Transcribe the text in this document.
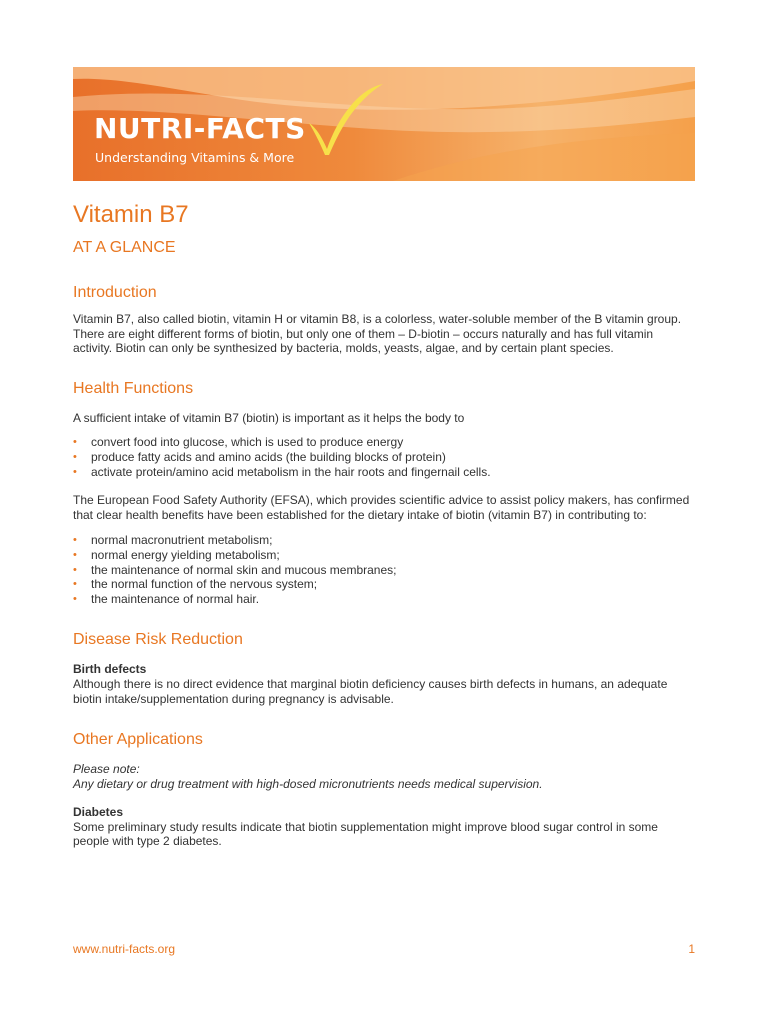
NUTRI-FACTS
Understanding Vitamins & More
Vitamin B7
AT A GLANCE
Introduction

Vitamin B7, also called biotin, vitamin H or vitamin B8, is a colorless, water-soluble member of the B vitamin group. There are eight different forms of biotin, but only one of them – D-biotin – occurs naturally and has full vitamin activity. Biotin can only be synthesized by bacteria, molds, yeasts, algae, and by certain plant species.

Health Functions

A sufficient intake of vitamin B7 (biotin) is important as it helps the body to

• convert food into glucose, which is used to produce energy
• produce fatty acids and amino acids (the building blocks of protein)
• activate protein/amino acid metabolism in the hair roots and fingernail cells.

The European Food Safety Authority (EFSA), which provides scientific advice to assist policy makers, has confirmed that clear health benefits have been established for the dietary intake of biotin (vitamin B7) in contributing to:

• normal macronutrient metabolism;
• normal energy yielding metabolism;
• the maintenance of normal skin and mucous membranes;
• the normal function of the nervous system;
• the maintenance of normal hair.
Disease Risk Reduction

Birth defects

Although there is no direct evidence that marginal biotin deficiency causes birth defects in humans, an adequate biotin intake/supplementation during pregnancy is advisable.

Other Applications

Please note:

Any dietary or drug treatment with high-dosed micronutrients needs medical supervision.

Diabetes

Some preliminary study results indicate that biotin supplementation might improve blood sugar control in some people with type 2 diabetes.

www.nutri-facts.org	1
